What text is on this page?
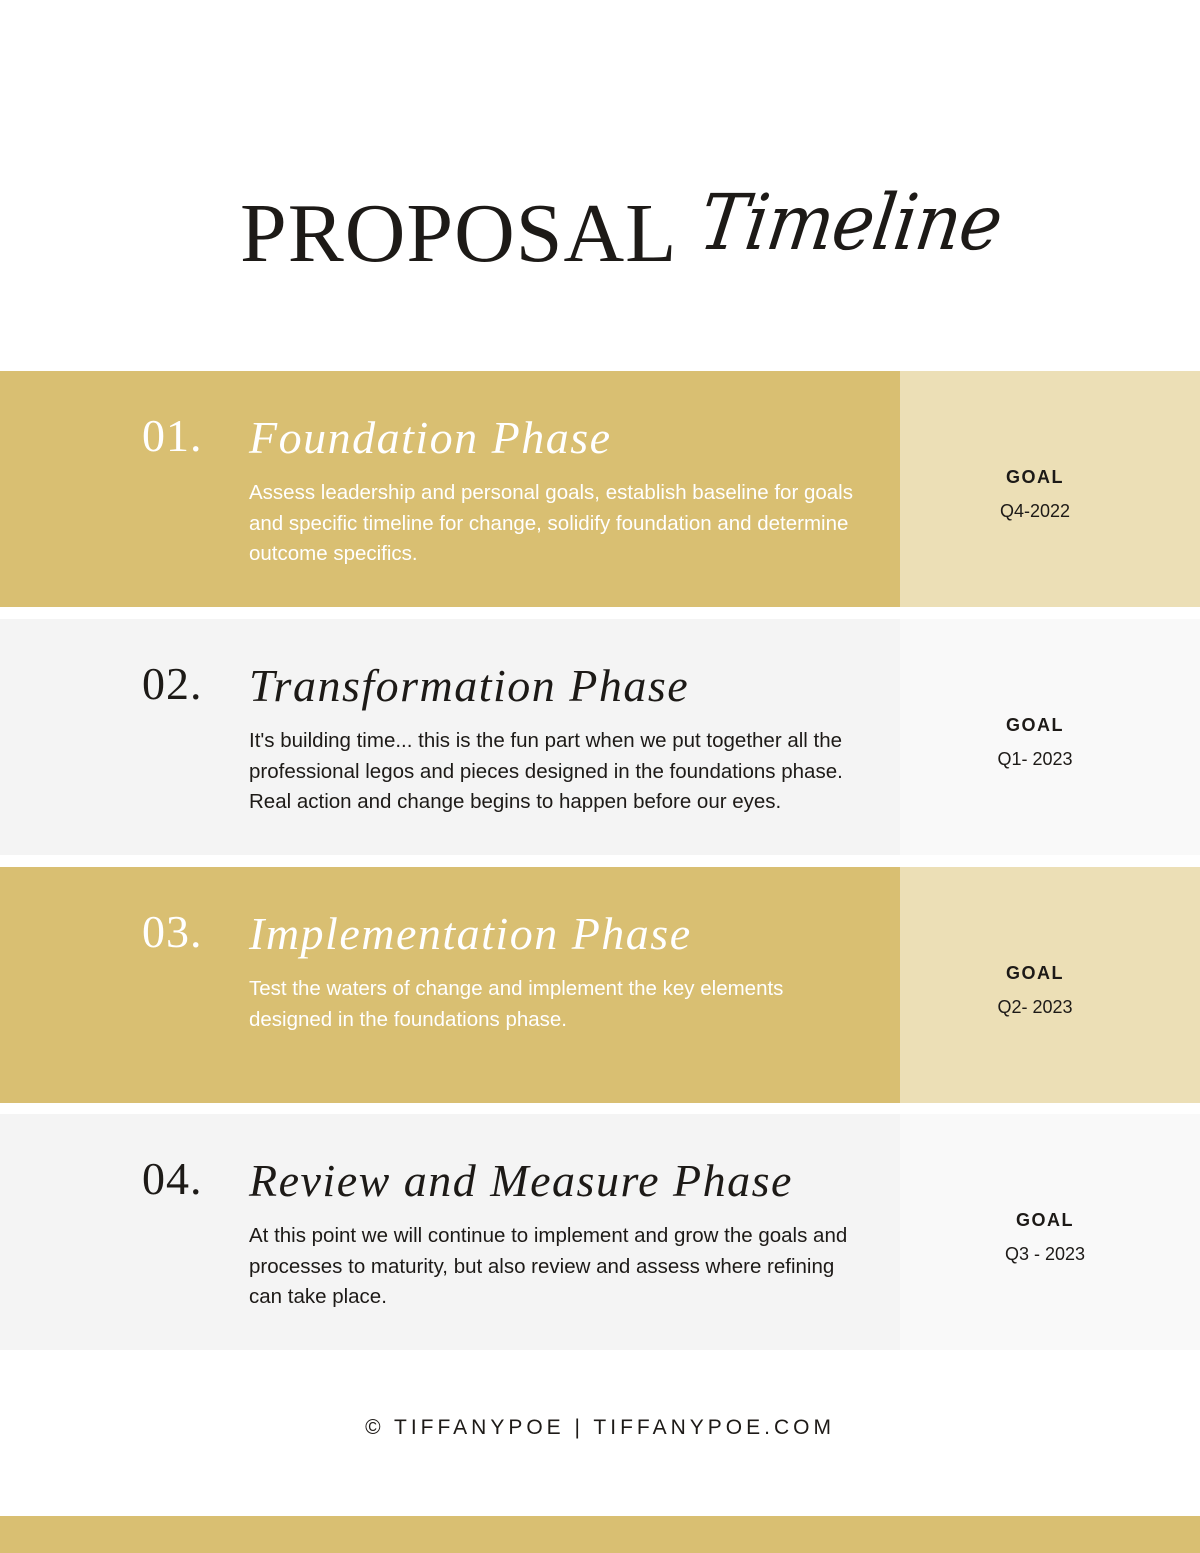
PROPOSAL Timeline
01. Foundation Phase
Assess leadership and personal goals, establish baseline for goals and specific timeline for change, solidify foundation and determine outcome specifics.
GOAL
Q4-2022
02. Transformation Phase
It's building time... this is the fun part when we put together all the professional legos and pieces designed in the foundations phase. Real action and change begins to happen before our eyes.
GOAL
Q1- 2023
03. Implementation Phase
Test the waters of change and implement the key elements designed in the foundations phase.
GOAL
Q2- 2023
04. Review and Measure Phase
At this point we will continue to implement and grow the goals and processes to maturity, but also review and assess where refining can take place.
GOAL
Q3 - 2023
© TIFFANYPOE | TIFFANYPOE.COM
